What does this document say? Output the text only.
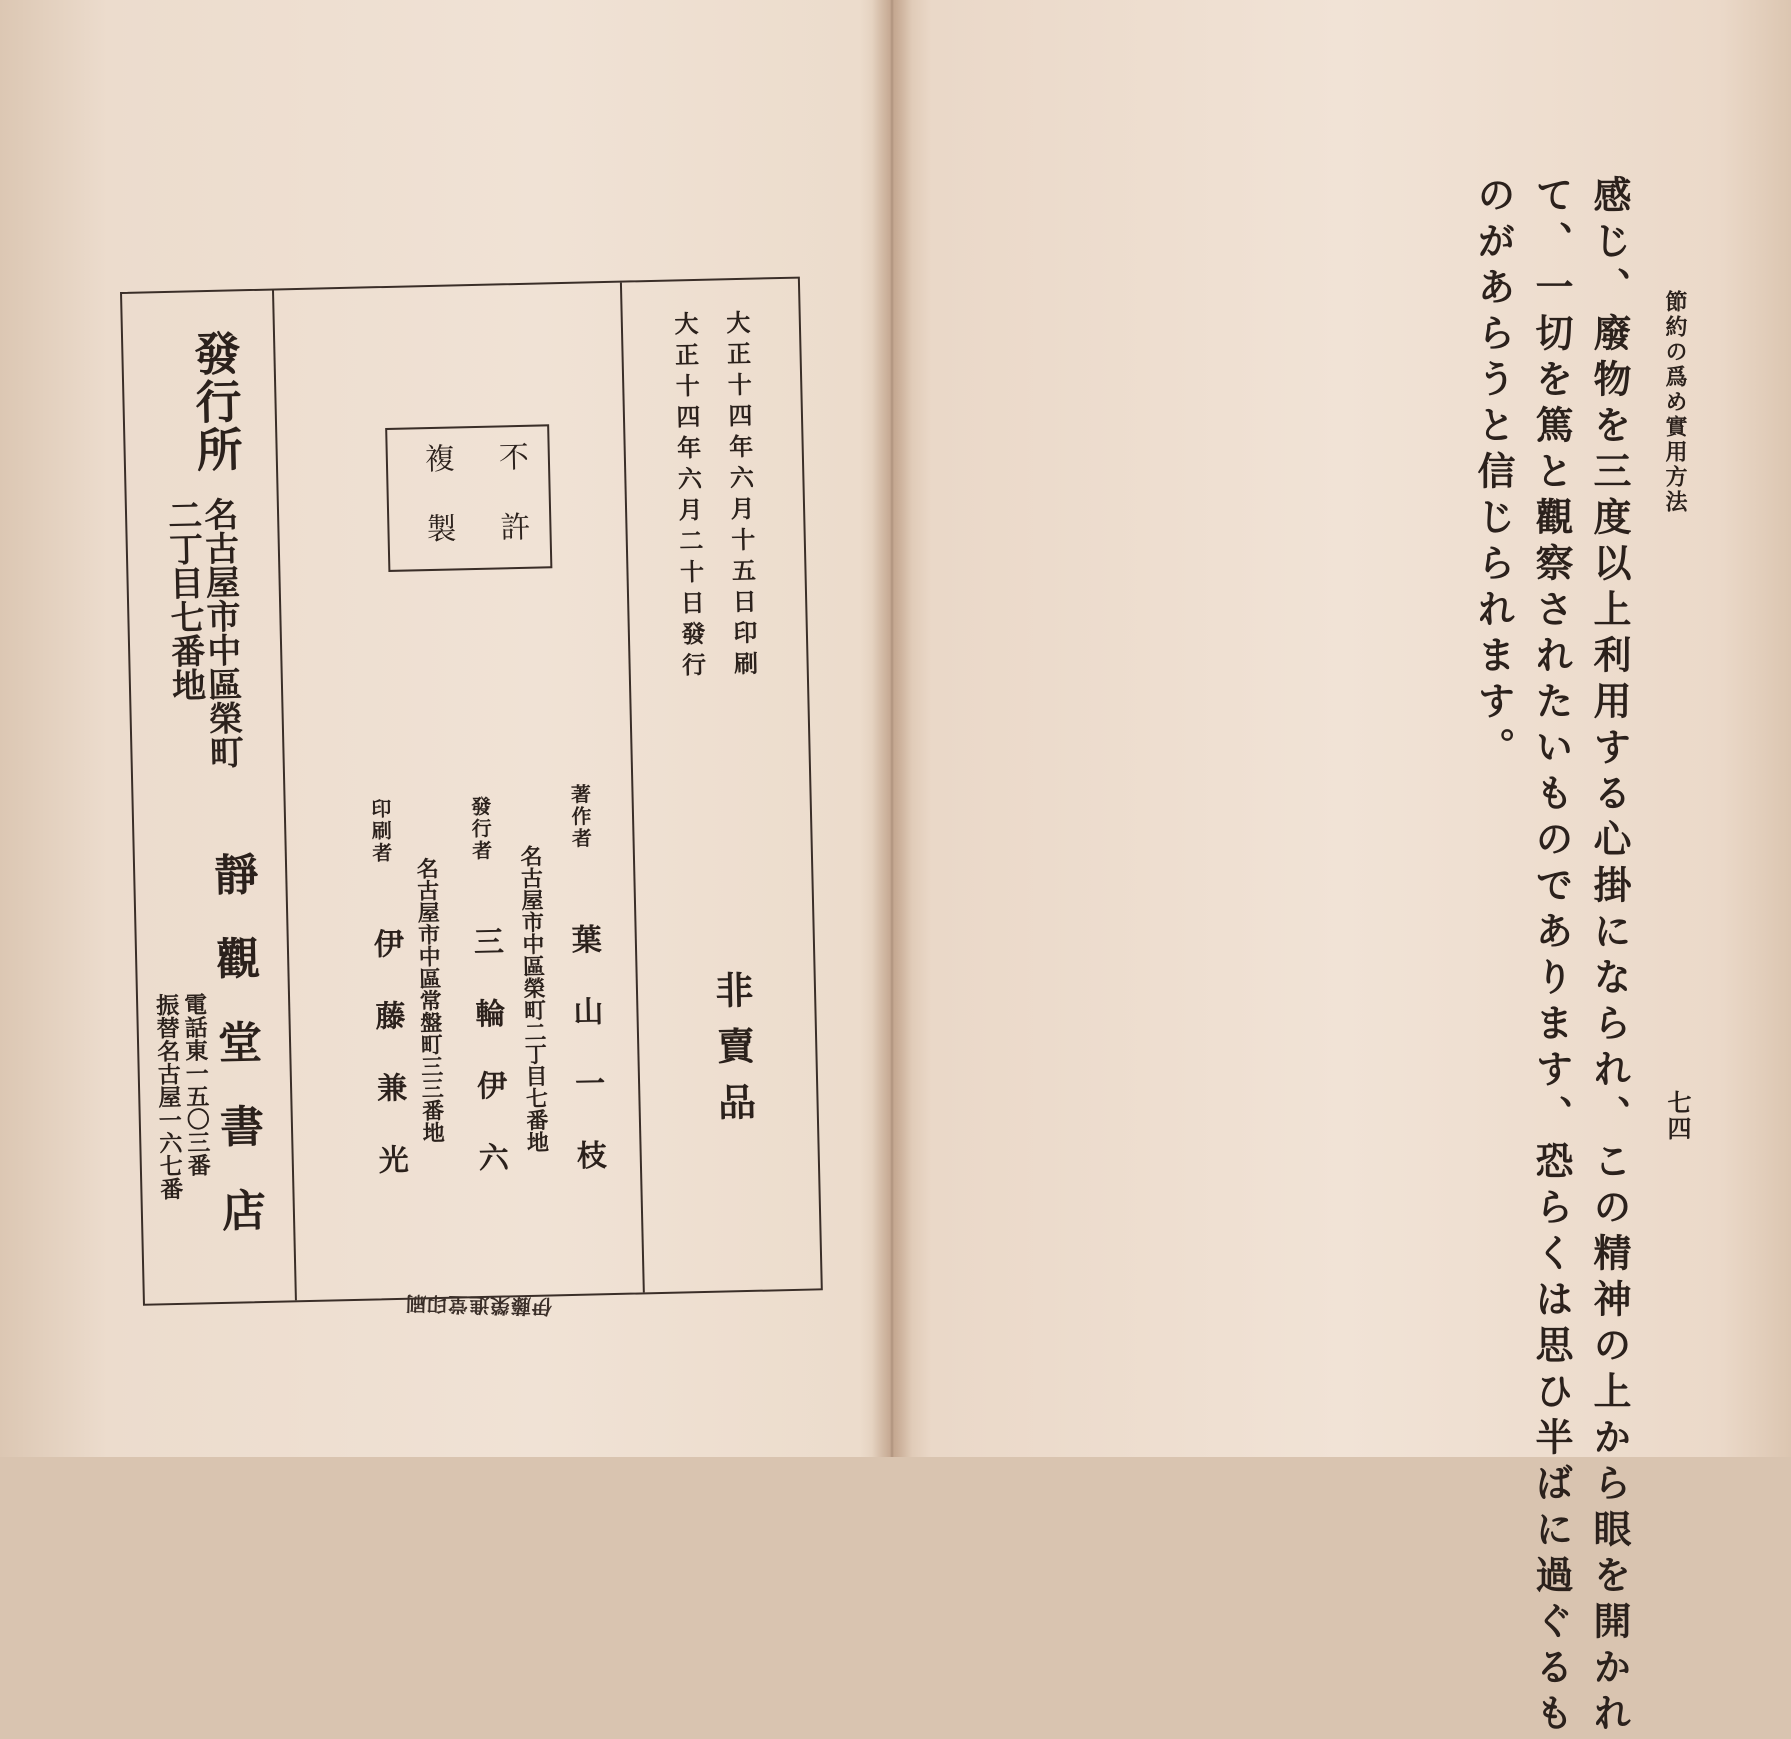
大正十四年六月十五日印刷
大正十四年六月二十日發行
非賣品
不許
複製
著作者
葉山一枝
名古屋市中區榮町二丁目七番地
發行者
三輪伊六
名古屋市中區常盤町三三番地
印刷者
伊藤兼光
發行所
名古屋市中區榮町
二丁目七番地
靜觀堂書店
電話東一五〇三番
振替名古屋一六七番
伊藤榮進堂印刷
節約の爲め實用方法
七四
感じ、廢物を三度以上利用する心掛になられ、この精神の上から眼を開かれ
て、一切を篤と觀察されたいものであります、恐らくは思ひ半ばに過ぐるも
のがあらうと信じられます。
